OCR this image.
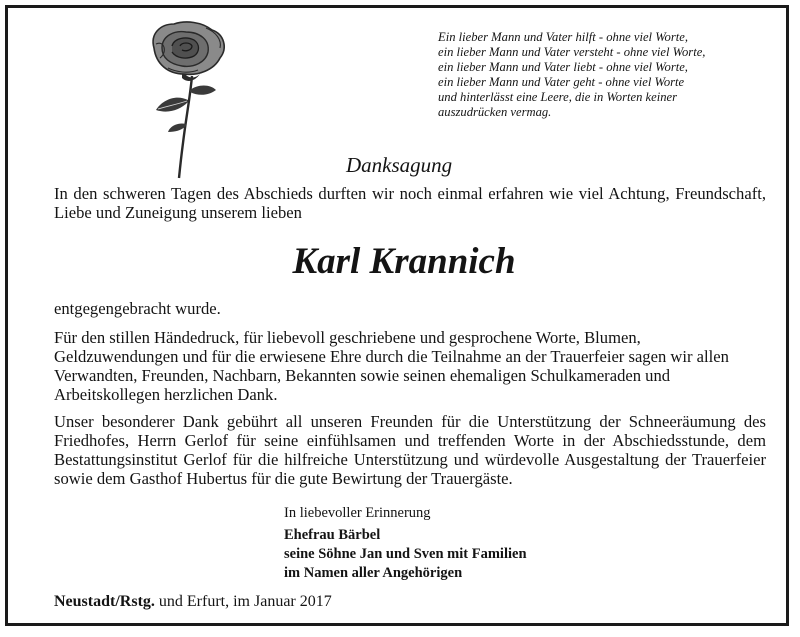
Ein lieber Mann und Vater hilft - ohne viel Worte,
ein lieber Mann und Vater versteht - ohne viel Worte,
ein lieber Mann und Vater liebt - ohne viel Worte,
ein lieber Mann und Vater geht - ohne viel Worte
und hinterlässt eine Leere, die in Worten keiner
auszudrücken vermag.
Danksagung
In den schweren Tagen des Abschieds durften wir noch einmal erfahren wie viel Achtung, Freundschaft, Liebe und Zuneigung unserem lieben
Karl Krannich
entgegengebracht wurde.
Für den stillen Händedruck, für liebevoll geschriebene und gesprochene Worte, Blumen, Geldzuwendungen und für die erwiesene Ehre durch die Teilnahme an der Trauerfeier sagen wir allen Verwandten, Freunden, Nachbarn, Bekannten sowie seinen ehemaligen Schulkameraden und Arbeitskollegen herzlichen Dank.
Unser besonderer Dank gebührt all unseren Freunden für die Unterstützung der Schneeräumung des Friedhofes, Herrn Gerlof für seine einfühlsamen und treffenden Worte in der Abschiedsstunde, dem Bestattungsinstitut Gerlof für die hilfreiche Unterstützung und würdevolle Ausgestaltung der Trauerfeier sowie dem Gasthof Hubertus für die gute Bewirtung der Trauergäste.
In liebevoller Erinnerung
Ehefrau Bärbel
seine Söhne Jan und Sven mit Familien
im Namen aller Angehörigen
Neustadt/Rstg. und Erfurt, im Januar 2017
